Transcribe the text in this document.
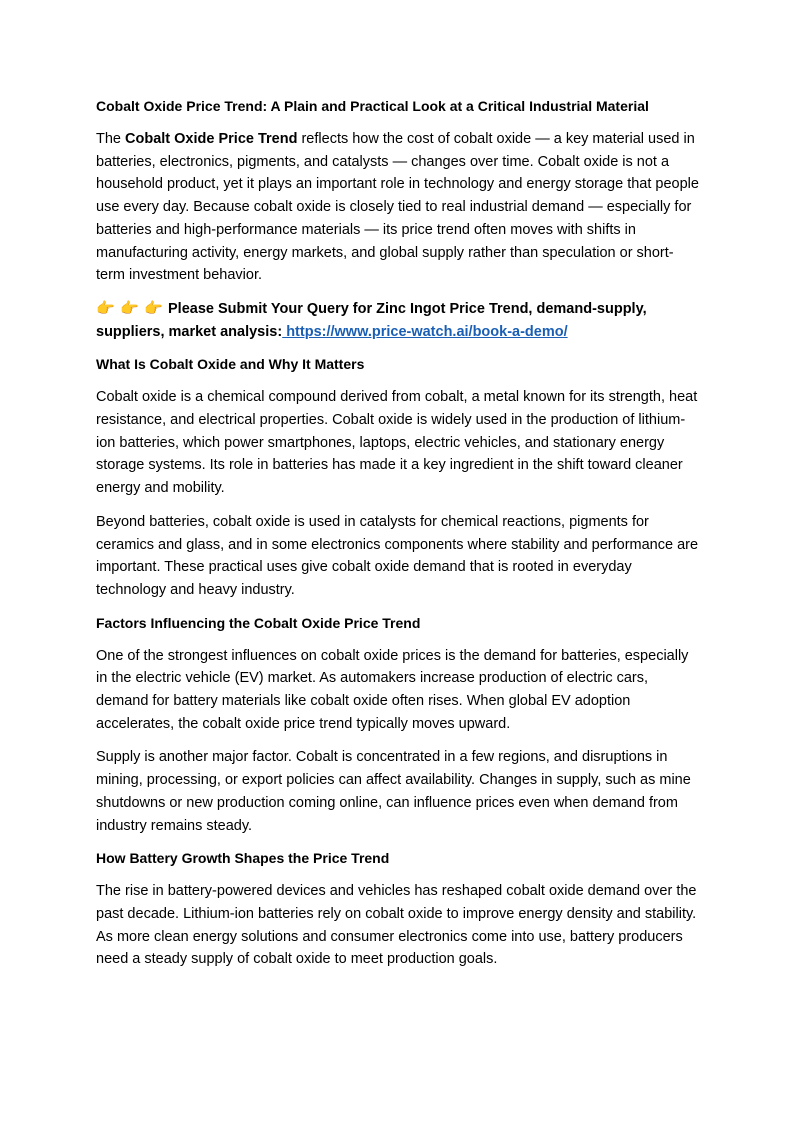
Cobalt Oxide Price Trend: A Plain and Practical Look at a Critical Industrial Material

The Cobalt Oxide Price Trend reflects how the cost of cobalt oxide — a key material used in batteries, electronics, pigments, and catalysts — changes over time. Cobalt oxide is not a household product, yet it plays an important role in technology and energy storage that people use every day. Because cobalt oxide is closely tied to real industrial demand — especially for batteries and high-performance materials — its price trend often moves with shifts in manufacturing activity, energy markets, and global supply rather than speculation or short-term investment behavior.

👉 👉 👉 Please Submit Your Query for Zinc Ingot Price Trend, demand-supply, suppliers, market analysis: https://www.price-watch.ai/book-a-demo/

What Is Cobalt Oxide and Why It Matters

Cobalt oxide is a chemical compound derived from cobalt, a metal known for its strength, heat resistance, and electrical properties. Cobalt oxide is widely used in the production of lithium-ion batteries, which power smartphones, laptops, electric vehicles, and stationary energy storage systems. Its role in batteries has made it a key ingredient in the shift toward cleaner energy and mobility.

Beyond batteries, cobalt oxide is used in catalysts for chemical reactions, pigments for ceramics and glass, and in some electronics components where stability and performance are important. These practical uses give cobalt oxide demand that is rooted in everyday technology and heavy industry.

Factors Influencing the Cobalt Oxide Price Trend

One of the strongest influences on cobalt oxide prices is the demand for batteries, especially in the electric vehicle (EV) market. As automakers increase production of electric cars, demand for battery materials like cobalt oxide often rises. When global EV adoption accelerates, the cobalt oxide price trend typically moves upward.

Supply is another major factor. Cobalt is concentrated in a few regions, and disruptions in mining, processing, or export policies can affect availability. Changes in supply, such as mine shutdowns or new production coming online, can influence prices even when demand from industry remains steady.

How Battery Growth Shapes the Price Trend

The rise in battery-powered devices and vehicles has reshaped cobalt oxide demand over the past decade. Lithium-ion batteries rely on cobalt oxide to improve energy density and stability. As more clean energy solutions and consumer electronics come into use, battery producers need a steady supply of cobalt oxide to meet production goals.
